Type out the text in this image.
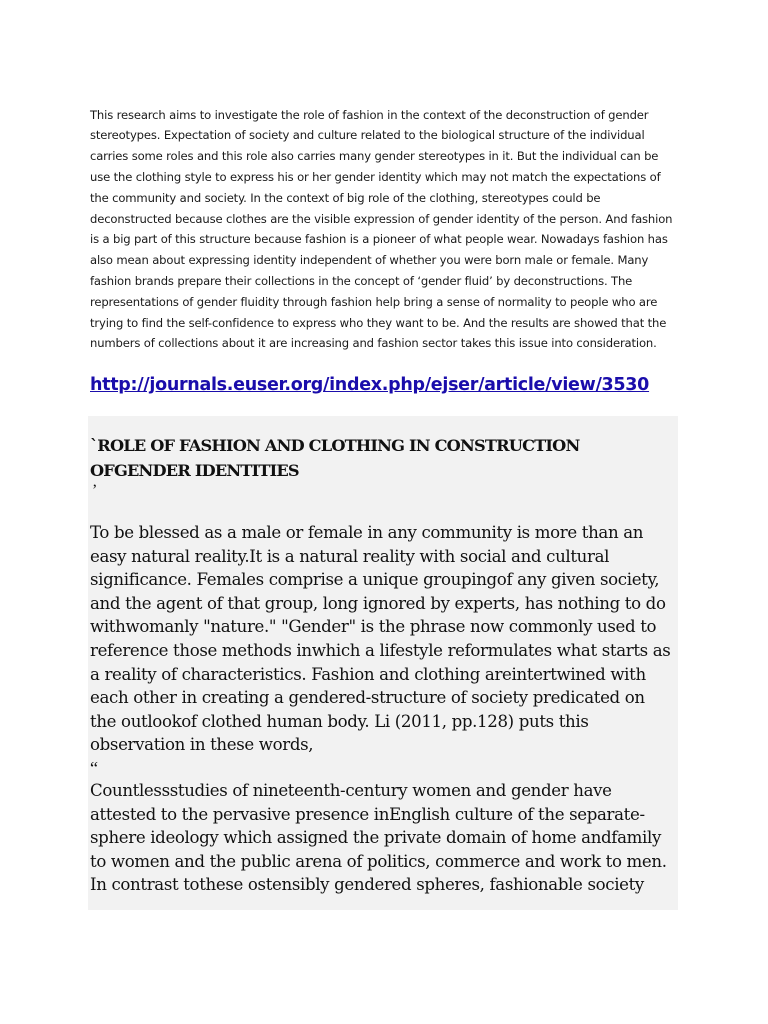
This research aims to investigate the role of fashion in the context of the deconstruction of gender stereotypes. Expectation of society and culture related to the biological structure of the individual carries some roles and this role also carries many gender stereotypes in it. But the individual can be use the clothing style to express his or her gender identity which may not match the expectations of the community and society. In the context of big role of the clothing, stereotypes could be deconstructed because clothes are the visible expression of gender identity of the person. And fashion is a big part of this structure because fashion is a pioneer of what people wear. Nowadays fashion has also mean about expressing identity independent of whether you were born male or female. Many fashion brands prepare their collections in the concept of ‘gender fluid’ by deconstructions. The representations of gender fluidity through fashion help bring a sense of normality to people who are trying to find the self-confidence to express who they want to be. And the results are showed that the numbers of collections about it are increasing and fashion sector takes this issue into consideration.

http://journals.euser.org/index.php/ejser/article/view/3530
`ROLE OF FASHION AND CLOTHING IN CONSTRUCTION OFGENDER IDENTITIES
’
To be blessed as a male or female in any community is more than an easy natural reality.It is a natural reality with social and cultural significance. Females comprise a unique groupingof any given society, and the agent of that group, long ignored by experts, has nothing to do withwomanly "nature." "Gender" is the phrase now commonly used to reference those methods inwhich a lifestyle reformulates what starts as a reality of characteristics. Fashion and clothing areintertwined with each other in creating a gendered-structure of society predicated on the outlookof clothed human body. Li (2011, pp.128) puts this observation in these words,
“
Countlessstudies of nineteenth-century women and gender have attested to the pervasive presence inEnglish culture of the separate-sphere ideology which assigned the private domain of home andfamily to women and the public arena of politics, commerce and work to men. In contrast tothese ostensibly gendered spheres, fashionable society
